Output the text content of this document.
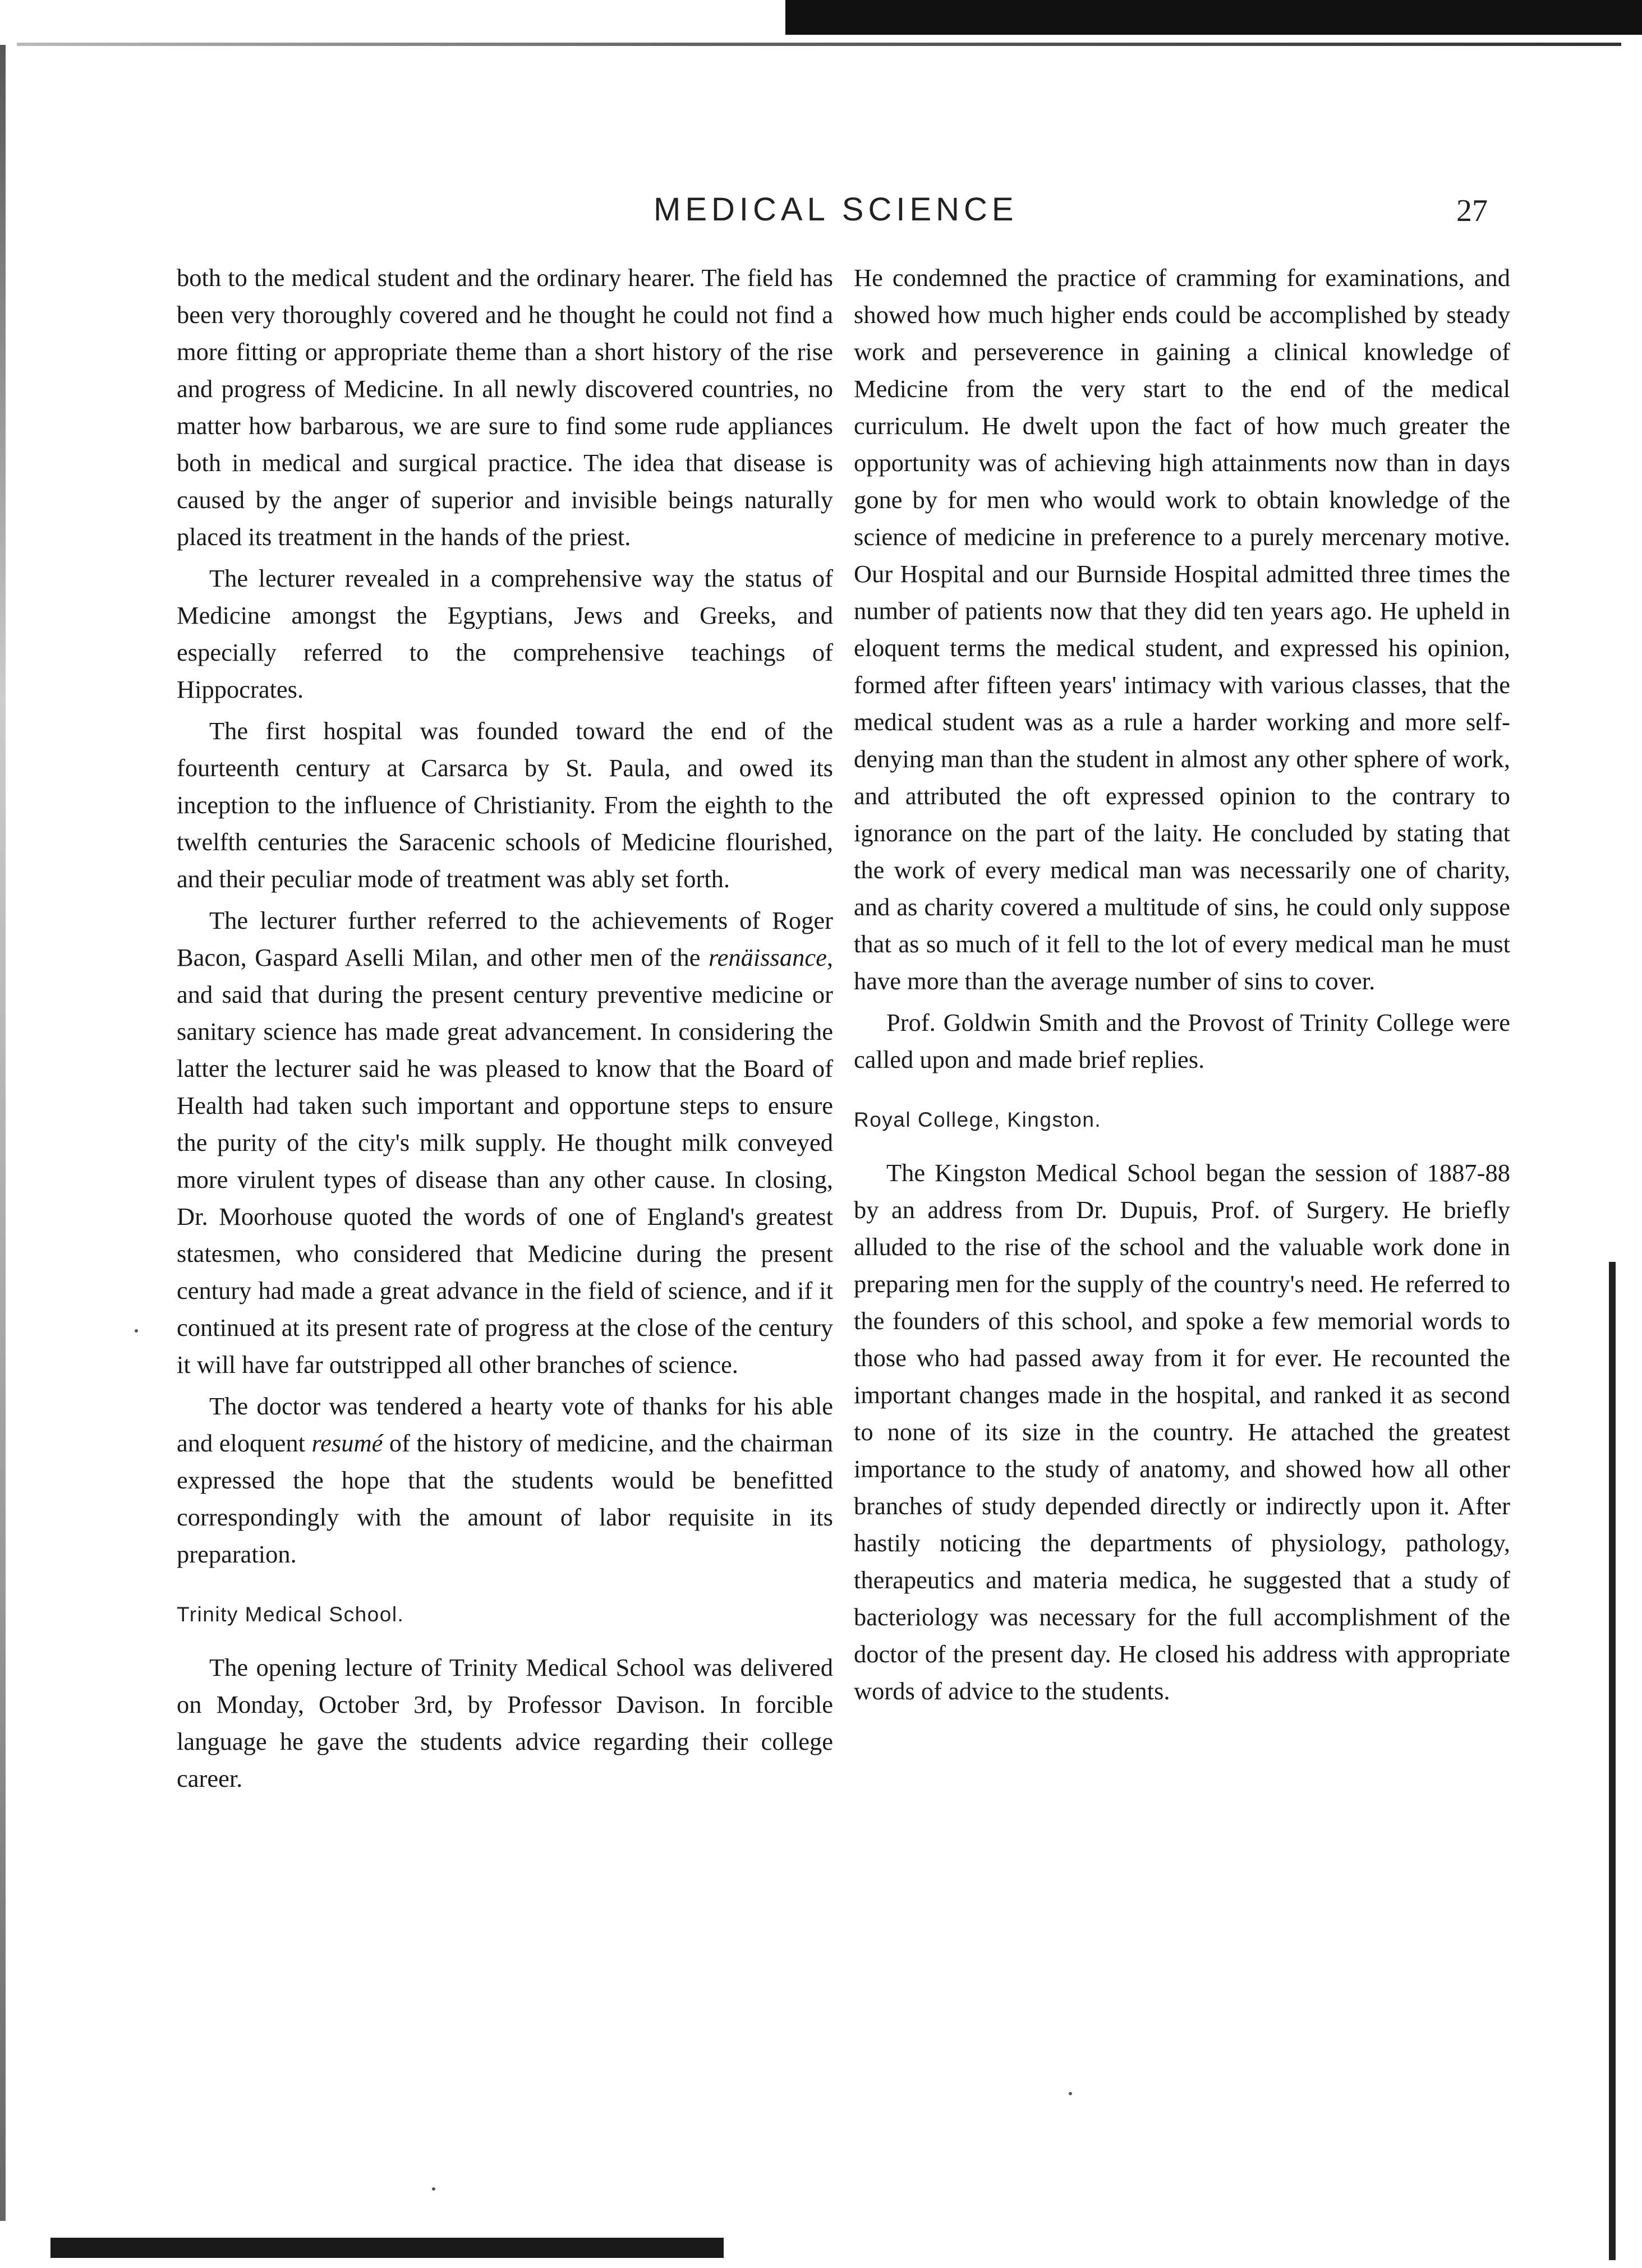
MEDICAL SCIENCE	27

both to the medical student and the ordinary hearer. The field has been very thoroughly covered and he thought he could not find a more fitting or appropriate theme than a short history of the rise and progress of Medicine. In all newly discovered countries, no matter how barbarous, we are sure to find some rude appliances both in medical and surgical practice. The idea that disease is caused by the anger of superior and invisible beings naturally placed its treatment in the hands of the priest.

The lecturer revealed in a comprehensive way the status of Medicine amongst the Egyptians, Jews and Greeks, and especially referred to the comprehensive teachings of Hippocrates.

The first hospital was founded toward the end of the fourteenth century at Carsarca by St. Paula, and owed its inception to the influence of Christianity. From the eighth to the twelfth centuries the Saracenic schools of Medicine flourished, and their peculiar mode of treatment was ably set forth.

The lecturer further referred to the achievements of Roger Bacon, Gaspard Aselli Milan, and other men of the renäissance, and said that during the present century preventive medicine or sanitary science has made great advancement. In considering the latter the lecturer said he was pleased to know that the Board of Health had taken such important and opportune steps to ensure the purity of the city's milk supply. He thought milk conveyed more virulent types of disease than any other cause. In closing, Dr. Moorhouse quoted the words of one of England's greatest statesmen, who considered that Medicine during the present century had made a great advance in the field of science, and if it continued at its present rate of progress at the close of the century it will have far outstripped all other branches of science.

The doctor was tendered a hearty vote of thanks for his able and eloquent resumé of the history of medicine, and the chairman expressed the hope that the students would be benefitted correspondingly with the amount of labor requisite in its preparation.

Trinity Medical School.

The opening lecture of Trinity Medical School was delivered on Monday, October 3rd, by Professor Davison. In forcible language he gave the students advice regarding their college career.

He condemned the practice of cramming for examinations, and showed how much higher ends could be accomplished by steady work and perseverence in gaining a clinical knowledge of Medicine from the very start to the end of the medical curriculum. He dwelt upon the fact of how much greater the opportunity was of achieving high attainments now than in days gone by for men who would work to obtain knowledge of the science of medicine in preference to a purely mercenary motive. Our Hospital and our Burnside Hospital admitted three times the number of patients now that they did ten years ago. He upheld in eloquent terms the medical student, and expressed his opinion, formed after fifteen years' intimacy with various classes, that the medical student was as a rule a harder working and more self-denying man than the student in almost any other sphere of work, and attributed the oft expressed opinion to the contrary to ignorance on the part of the laity. He concluded by stating that the work of every medical man was necessarily one of charity, and as charity covered a multitude of sins, he could only suppose that as so much of it fell to the lot of every medical man he must have more than the average number of sins to cover.

Prof. Goldwin Smith and the Provost of Trinity College were called upon and made brief replies.

Royal College, Kingston.

The Kingston Medical School began the session of 1887-88 by an address from Dr. Dupuis, Prof. of Surgery. He briefly alluded to the rise of the school and the valuable work done in preparing men for the supply of the country's need. He referred to the founders of this school, and spoke a few memorial words to those who had passed away from it for ever. He recounted the important changes made in the hospital, and ranked it as second to none of its size in the country. He attached the greatest importance to the study of anatomy, and showed how all other branches of study depended directly or indirectly upon it. After hastily noticing the departments of physiology, pathology, therapeutics and materia medica, he suggested that a study of bacteriology was necessary for the full accomplishment of the doctor of the present day. He closed his address with appropriate words of advice to the students.
